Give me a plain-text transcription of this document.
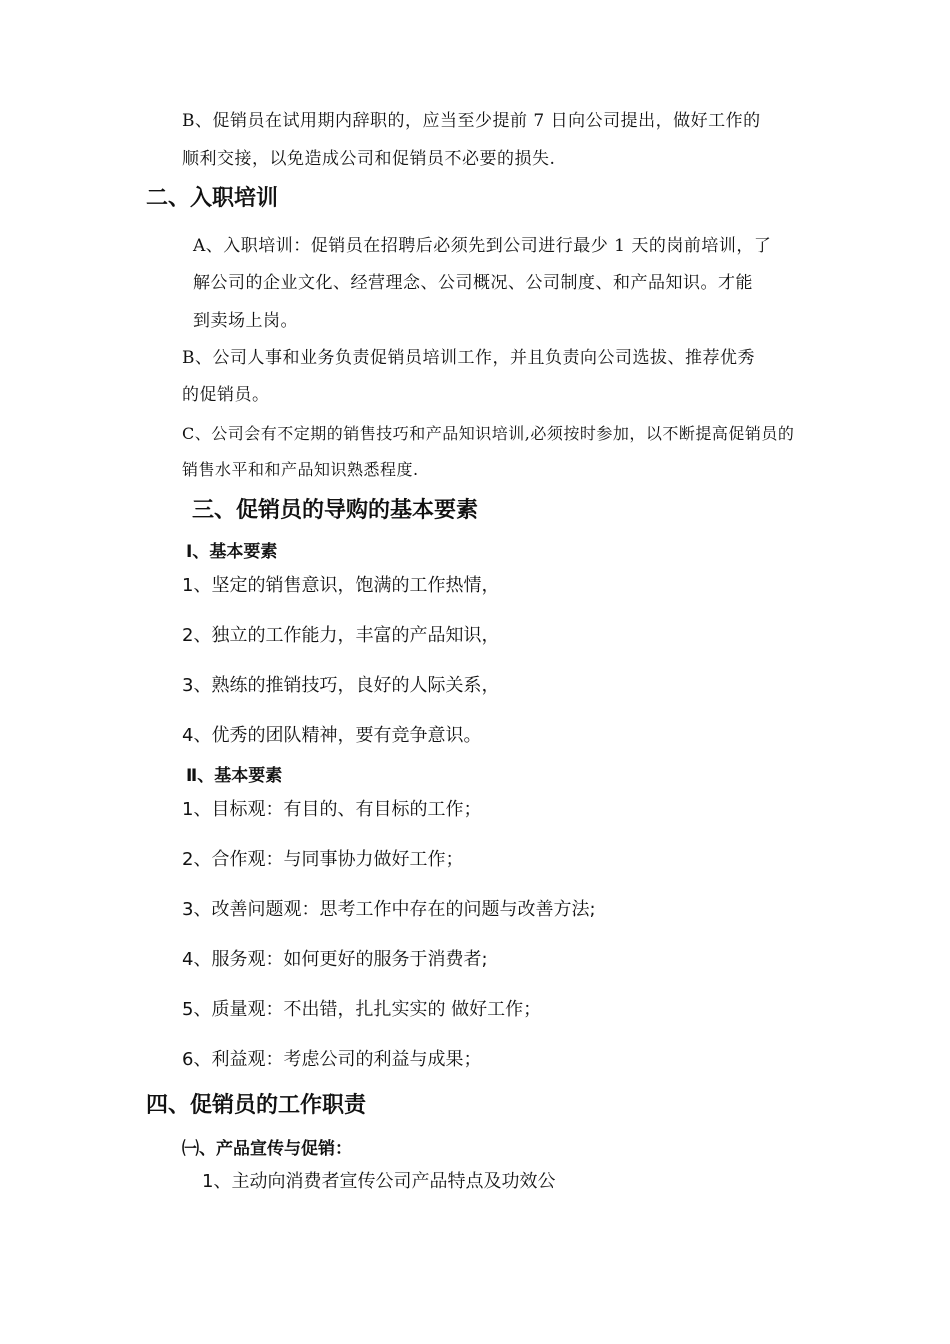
B、促销员在试用期内辞职的，应当至少提前 7 日向公司提出，做好工作的
顺利交接，以免造成公司和促销员不必要的损失.
二、入职培训
A、入职培训：促销员在招聘后必须先到公司进行最少 1 天的岗前培训，了
解公司的企业文化、经营理念、公司概况、公司制度、和产品知识。才能
到卖场上岗。
B、公司人事和业务负责促销员培训工作，并且负责向公司选拔、推荐优秀
的促销员。
C、公司会有不定期的销售技巧和产品知识培训,必须按时参加，以不断提高促销员的
销售水平和和产品知识熟悉程度.
三、促销员的导购的基本要素
Ⅰ、基本要素
1、坚定的销售意识，饱满的工作热情，
2、独立的工作能力，丰富的产品知识，
3、熟练的推销技巧，良好的人际关系，
4、优秀的团队精神，要有竞争意识。
Ⅱ、基本要素
1、目标观：有目的、有目标的工作；
2、合作观：与同事协力做好工作；
3、改善问题观：思考工作中存在的问题与改善方法;
4、服务观：如何更好的服务于消费者;
5、质量观：不出错，扎扎实实的 做好工作；
6、利益观：考虑公司的利益与成果；
四、促销员的工作职责
㈠、产品宣传与促销：
1、主动向消费者宣传公司产品特点及功效公
